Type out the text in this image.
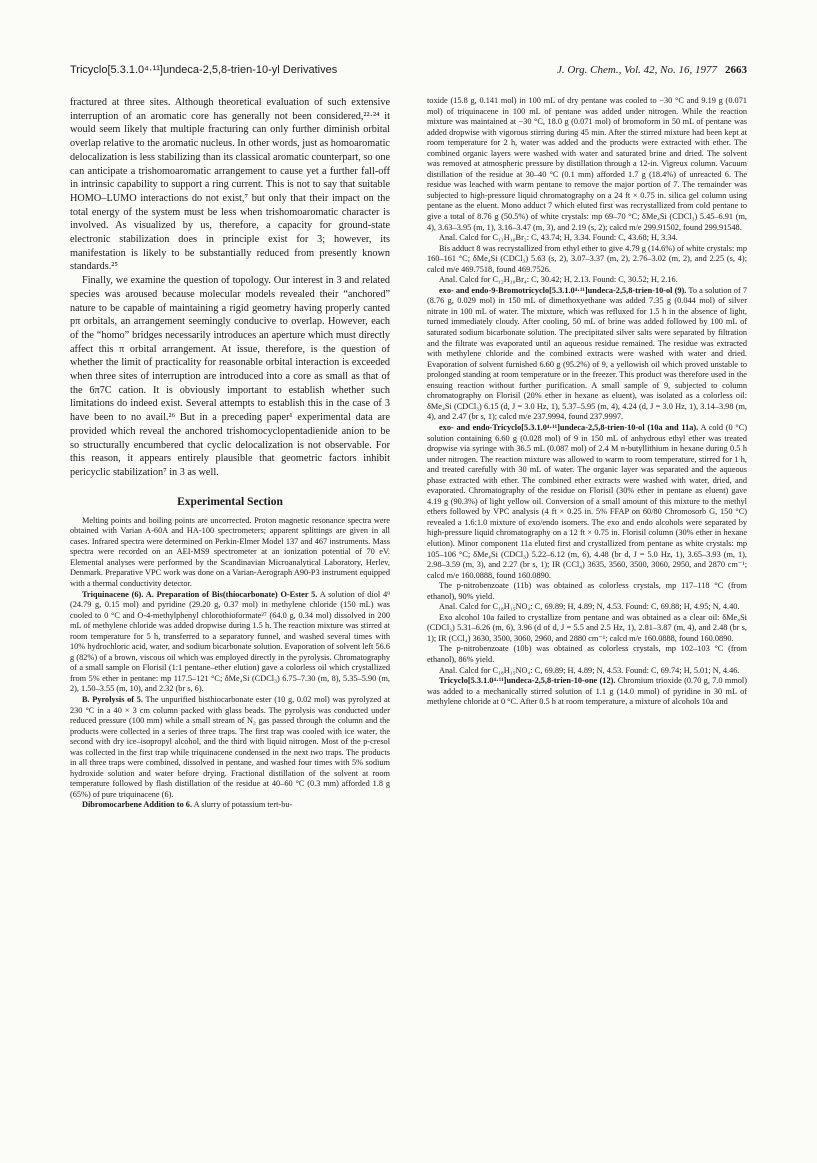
Tricyclo[5.3.1.0⁴·¹¹]undeca-2,5,8-trien-10-yl Derivatives	J. Org. Chem., Vol. 42, No. 16, 1977 2663

fractured at three sites. Although theoretical evaluation of such extensive interruption of an aromatic core has generally not been considered,²²·²⁴ it would seem likely that multiple fracturing can only further diminish orbital overlap relative to the aromatic nucleus. In other words, just as homoaromatic delocalization is less stabilizing than its classical aromatic counterpart, so one can anticipate a trishomoaromatic arrangement to cause yet a further fall-off in intrinsic capability to support a ring current. This is not to say that suitable HOMO–LUMO interactions do not exist,⁷ but only that their impact on the total energy of the system must be less when trishomoaromatic character is involved. As visualized by us, therefore, a capacity for ground-state electronic stabilization does in principle exist for 3; however, its manifestation is likely to be substantially reduced from presently known standards.²⁵

Finally, we examine the question of topology. Our interest in 3 and related species was aroused because molecular models revealed their “anchored” nature to be capable of maintaining a rigid geometry having properly canted pπ orbitals, an arrangement seemingly conducive to overlap. However, each of the “homo” bridges necessarily introduces an aperture which must directly affect this π orbital arrangement. At issue, therefore, is the question of whether the limit of practicality for reasonable orbital interaction is exceeded when three sites of interruption are introduced into a core as small as that of the 6π7C cation. It is obviously important to establish whether such limitations do indeed exist. Several attempts to establish this in the case of 3 have been to no avail.²⁶ But in a preceding paper¹ experimental data are provided which reveal the anchored trishomocyclopentadienide anion to be so structurally encumbered that cyclic delocalization is not observable. For this reason, it appears entirely plausible that geometric factors inhibit pericyclic stabilization⁷ in 3 as well.

Experimental Section

Melting points and boiling points are uncorrected. Proton magnetic resonance spectra were obtained with Varian A-60A and HA-100 spectrometers; apparent splittings are given in all cases. Infrared spectra were determined on Perkin-Elmer Model 137 and 467 instruments. Mass spectra were recorded on an AEI-MS9 spectrometer at an ionization potential of 70 eV. Elemental analyses were performed by the Scandinavian Microanalytical Laboratory, Herlev, Denmark. Preparative VPC work was done on a Varian-Aerograph A90-P3 instrument equipped with a thermal conductivity detector.

Triquinacene (6). A. Preparation of Bis(thiocarbonate) O-Ester 5. A solution of diol 4⁹ (24.79 g, 0.15 mol) and pyridine (29.20 g, 0.37 mol) in methylene chloride (150 mL) was cooled to 0 °C and O-4-methylphenyl chlorothioformate²⁷ (64.0 g, 0.34 mol) dissolved in 200 mL of methylene chloride was added dropwise during 1.5 h. The reaction mixture was stirred at room temperature for 5 h, transferred to a separatory funnel, and washed several times with 10% hydrochloric acid, water, and sodium bicarbonate solution. Evaporation of solvent left 56.6 g (82%) of a brown, viscous oil which was employed directly in the pyrolysis. Chromatography of a small sample on Florisil (1:1 pentane–ether elution) gave a colorless oil which crystallized from 5% ether in pentane: mp 117.5–121 °C; δMe₄Si (CDCl₃) 6.75–7.30 (m, 8), 5.35–5.90 (m, 2), 1.50–3.55 (m, 10), and 2.32 (br s, 6).

B. Pyrolysis of 5. The unpurified bisthiocarbonate ester (10 g, 0.02 mol) was pyrolyzed at 230 °C in a 40 × 3 cm column packed with glass beads. The pyrolysis was conducted under reduced pressure (100 mm) while a small stream of N₂ gas passed through the column and the products were collected in a series of three traps. The first trap was cooled with ice water, the second with dry ice–isopropyl alcohol, and the third with liquid nitrogen. Most of the p-cresol was collected in the first trap while triquinacene condensed in the next two traps. The products in all three traps were combined, dissolved in pentane, and washed four times with 5% sodium hydroxide solution and water before drying. Fractional distillation of the solvent at room temperature followed by flash distillation of the residue at 40–60 °C (0.3 mm) afforded 1.8 g (65%) of pure triquinacene (6).

Dibromocarbene Addition to 6. A slurry of potassium tert-bu-

toxide (15.8 g, 0.141 mol) in 100 mL of dry pentane was cooled to −30 °C and 9.19 g (0.071 mol) of triquinacene in 100 mL of pentane was added under nitrogen. While the reaction mixture was maintained at −30 °C, 18.0 g (0.071 mol) of bromoform in 50 mL of pentane was added dropwise with vigorous stirring during 45 min. After the stirred mixture had been kept at room temperature for 2 h, water was added and the products were extracted with ether. The combined organic layers were washed with water and saturated brine and dried. The solvent was removed at atmospheric pressure by distillation through a 12-in. Vigreux column. Vacuum distillation of the residue at 30–40 °C (0.1 mm) afforded 1.7 g (18.4%) of unreacted 6. The residue was leached with warm pentane to remove the major portion of 7. The remainder was subjected to high-pressure liquid chromatography on a 24 ft × 0.75 in. silica gel column using pentane as the eluent. Mono adduct 7 which eluted first was recrystallized from cold pentane to give a total of 8.76 g (50.5%) of white crystals: mp 69–70 °C; δMe₄Si (CDCl₃) 5.45–6.91 (m, 4), 3.63–3.95 (m, 1), 3.16–3.47 (m, 3), and 2.19 (s, 2); calcd m/e 299.91502, found 299.91548.

Anal. Calcd for C₁₁H₁₀Br₂: C, 43.74; H, 3.34. Found: C, 43.68; H, 3.34.

Bis adduct 8 was recrystallized from ethyl ether to give 4.79 g (14.6%) of white crystals: mp 160–161 °C; δMe₄Si (CDCl₃) 5.63 (s, 2), 3.07–3.37 (m, 2), 2.76–3.02 (m, 2), and 2.25 (s, 4); calcd m/e 469.7518, found 469.7526.

Anal. Calcd for C₁₂H₁₀Br₄: C, 30.42; H, 2.13. Found: C, 30.52; H, 2.16.

exo- and endo-9-Bromotricyclo[5.3.1.0⁴·¹¹]undeca-2,5,8-trien-10-ol (9). To a solution of 7 (8.76 g, 0.029 mol) in 150 mL of dimethoxyethane was added 7.35 g (0.044 mol) of silver nitrate in 100 mL of water. The mixture, which was refluxed for 1.5 h in the absence of light, turned immediately cloudy. After cooling, 50 mL of brine was added followed by 100 mL of saturated sodium bicarbonate solution. The precipitated silver salts were separated by filtration and the filtrate was evaporated until an aqueous residue remained. The residue was extracted with methylene chloride and the combined extracts were washed with water and dried. Evaporation of solvent furnished 6.60 g (95.2%) of 9, a yellowish oil which proved unstable to prolonged standing at room temperature or in the freezer. This product was therefore used in the ensuing reaction without further purification. A small sample of 9, subjected to column chromatography on Florisil (20% ether in hexane as eluent), was isolated as a colorless oil: δMe₄Si (CDCl₃) 6.15 (d, J = 3.0 Hz, 1), 5.37–5.95 (m, 4), 4.24 (d, J = 3.0 Hz, 1), 3.14–3.98 (m, 4), and 2.47 (br s, 1); calcd m/e 237.9994, found 237.9997.

exo- and endo-Tricyclo[5.3.1.0⁴·¹¹]undeca-2,5,8-trien-10-ol (10a and 11a). A cold (0 °C) solution containing 6.60 g (0.028 mol) of 9 in 150 mL of anhydrous ethyl ether was treated dropwise via syringe with 36.5 mL (0.087 mol) of 2.4 M n-butyllithium in hexane during 0.5 h under nitrogen. The reaction mixture was allowed to warm to room temperature, stirred for 1 h, and treated carefully with 30 mL of water. The organic layer was separated and the aqueous phase extracted with ether. The combined ether extracts were washed with water, dried, and evaporated. Chromatography of the residue on Florisil (30% ether in pentane as eluent) gave 4.19 g (90.3%) of light yellow oil. Conversion of a small amount of this mixture to the methyl ethers followed by VPC analysis (4 ft × 0.25 in. 5% FFAP on 60/80 Chromosorb G, 150 °C) revealed a 1.6:1.0 mixture of exo/endo isomers. The exo and endo alcohols were separated by high-pressure liquid chromatography on a 12 ft × 0.75 in. Florisil column (30% ether in hexane elution). Minor component 11a eluted first and crystallized from pentane as white crystals: mp 105–106 °C; δMe₄Si (CDCl₃) 5.22–6.12 (m, 6), 4.48 (br d, J = 5.0 Hz, 1), 3.65–3.93 (m, 1), 2.98–3.59 (m, 3), and 2.27 (br s, 1); IR (CCl₄) 3635, 3560, 3500, 3060, 2950, and 2870 cm⁻¹; calcd m/e 160.0888, found 160.0890.

The p-nitrobenzoate (11b) was obtained as colorless crystals, mp 117–118 °C (from ethanol), 90% yield.

Anal. Calcd for C₁₈H₁₅NO₄: C, 69.89; H, 4.89; N, 4.53. Found: C, 69.88; H, 4.95; N, 4.40.

Exo alcohol 10a failed to crystallize from pentane and was obtained as a clear oil: δMe₄Si (CDCl₃) 5.31–6.26 (m, 6), 3.96 (d of d, J = 5.5 and 2.5 Hz, 1), 2.81–3.87 (m, 4), and 2.48 (br s, 1); IR (CCl₄) 3630, 3500, 3060, 2960, and 2880 cm⁻¹; calcd m/e 160.0888, found 160.0890.

The p-nitrobenzoate (10b) was obtained as colorless crystals, mp 102–103 °C (from ethanol), 86% yield.

Anal. Calcd for C₁₈H₁₅NO₄: C, 69.89; H, 4.89; N, 4.53. Found: C, 69.74; H, 5.01; N, 4.46.

Tricyclo[5.3.1.0⁴·¹¹]undeca-2,5,8-trien-10-one (12). Chromium trioxide (0.70 g, 7.0 mmol) was added to a mechanically stirred solution of 1.1 g (14.0 mmol) of pyridine in 30 mL of methylene chloride at 0 °C. After 0.5 h at room temperature, a mixture of alcohols 10a and
